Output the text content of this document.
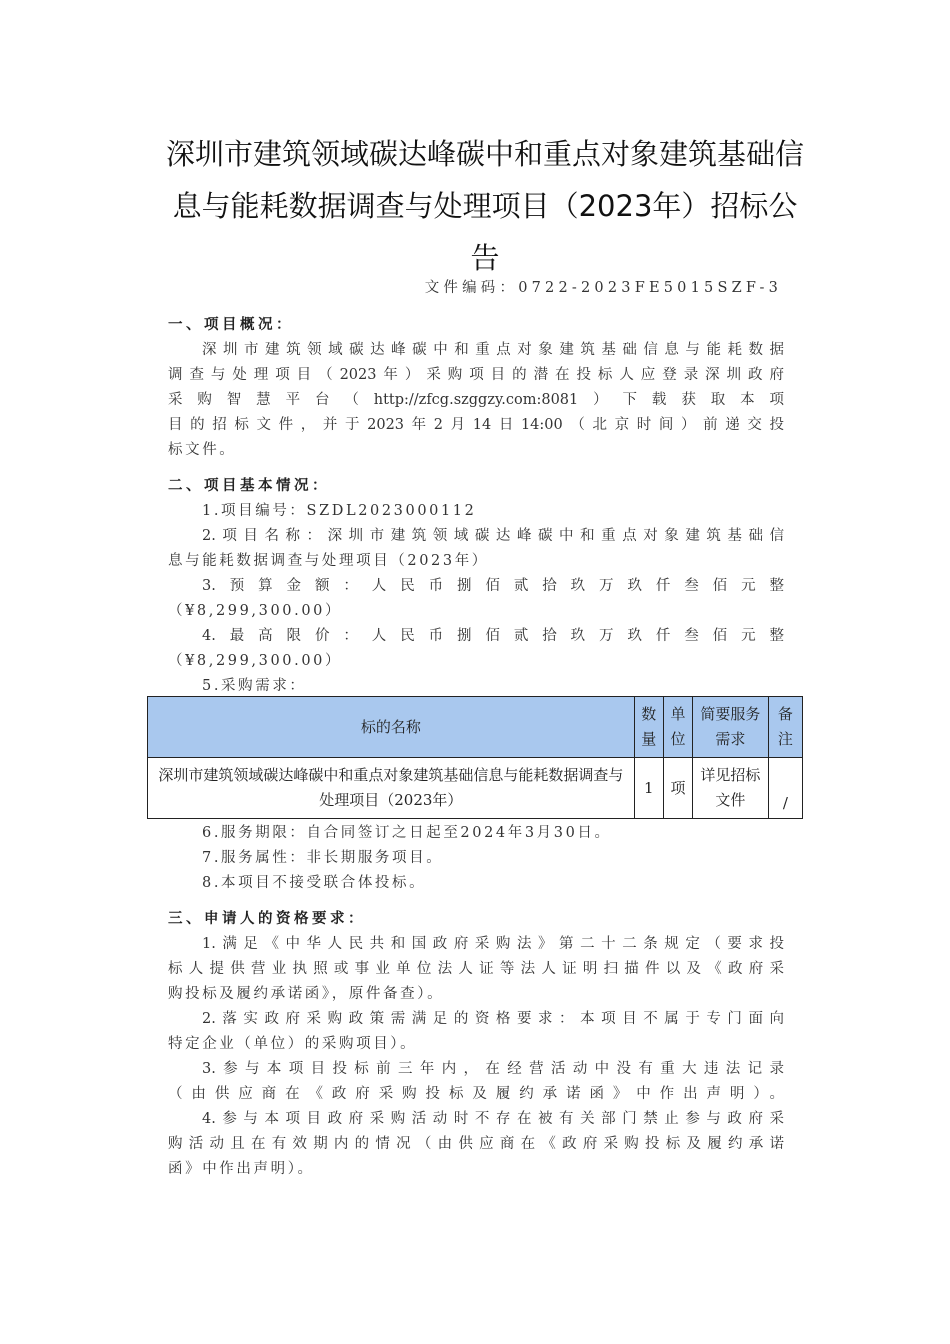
深圳市建筑领域碳达峰碳中和重点对象建筑基础信
息与能耗数据调查与处理项目（2023年）招标公
告
文件编码：0722-2023FE5015SZF-3
一、项目概况：
深圳市建筑领域碳达峰碳中和重点对象建筑基础信息与能耗数据
调查与处理项目（2023年）采购项目的潜在投标人应登录深圳政府
采购智慧平台（http://zfcg.szggzy.com:8081）下载获取本项
目的招标文件，并于2023年2月14日14:00（北京时间）前递交投
标文件。
二、项目基本情况：
1.项目编号：SZDL2023000112
2.项目名称：深圳市建筑领域碳达峰碳中和重点对象建筑基础信
息与能耗数据调查与处理项目（2023年）
3.预算金额：人民币捌佰贰拾玖万玖仟叁佰元整
（¥8,299,300.00）
4.最高限价：人民币捌佰贰拾玖万玖仟叁佰元整
（¥8,299,300.00）
5.采购需求：
标的名称	数量	单位	简要服务需求	备注
深圳市建筑领域碳达峰碳中和重点对象建筑基础信息与能耗数据调查与处理项目（2023年）	1	项	详见招标文件	/
6.服务期限：自合同签订之日起至2024年3月30日。
7.服务属性：非长期服务项目。
8.本项目不接受联合体投标。
三、申请人的资格要求：
1.满足《中华人民共和国政府采购法》第二十二条规定（要求投
标人提供营业执照或事业单位法人证等法人证明扫描件以及《政府采
购投标及履约承诺函》，原件备查）。
2.落实政府采购政策需满足的资格要求：本项目不属于专门面向
特定企业（单位）的采购项目）。
3.参与本项目投标前三年内，在经营活动中没有重大违法记录
（由供应商在《政府采购投标及履约承诺函》中作出声明）。
4.参与本项目政府采购活动时不存在被有关部门禁止参与政府采
购活动且在有效期内的情况（由供应商在《政府采购投标及履约承诺
函》中作出声明）。
